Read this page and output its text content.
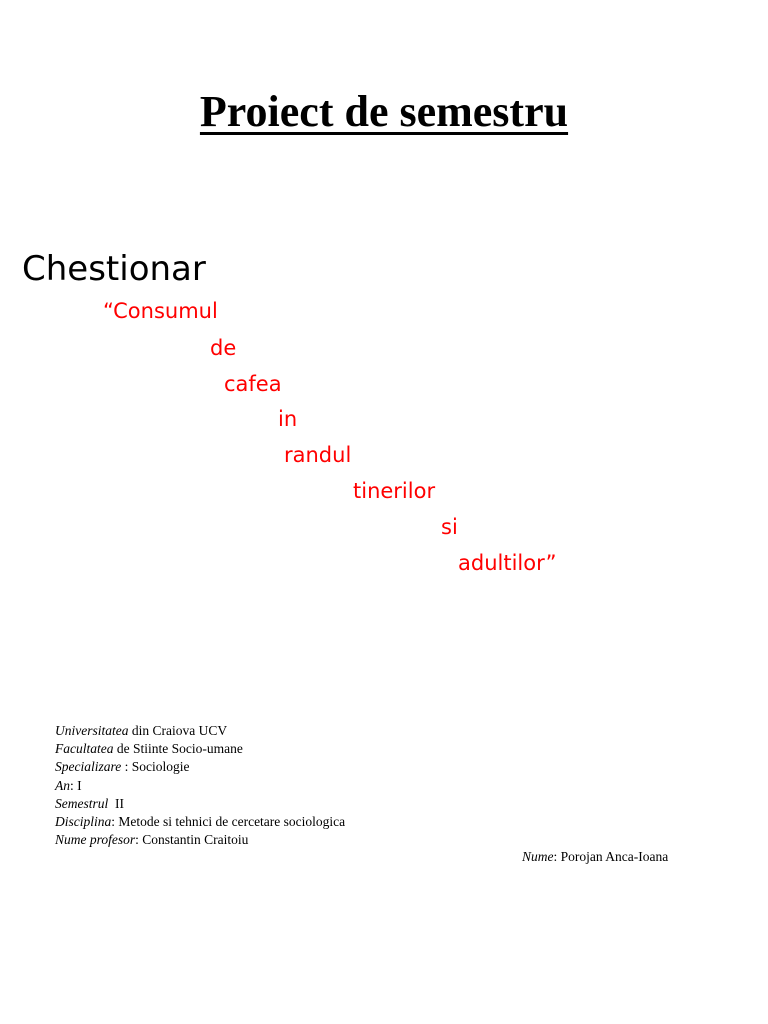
Proiect de semestru
Chestionar
“Consumul
de
cafea
in
randul
tinerilor
si
adultilor”
Universitatea din Craiova UCV
Facultatea de Stiinte Socio-umane
Specializare : Sociologie
An: I
Semestrul  II
Disciplina: Metode si tehnici de cercetare sociologica
Nume profesor: Constantin Craitoiu
Nume: Porojan Anca-Ioana
